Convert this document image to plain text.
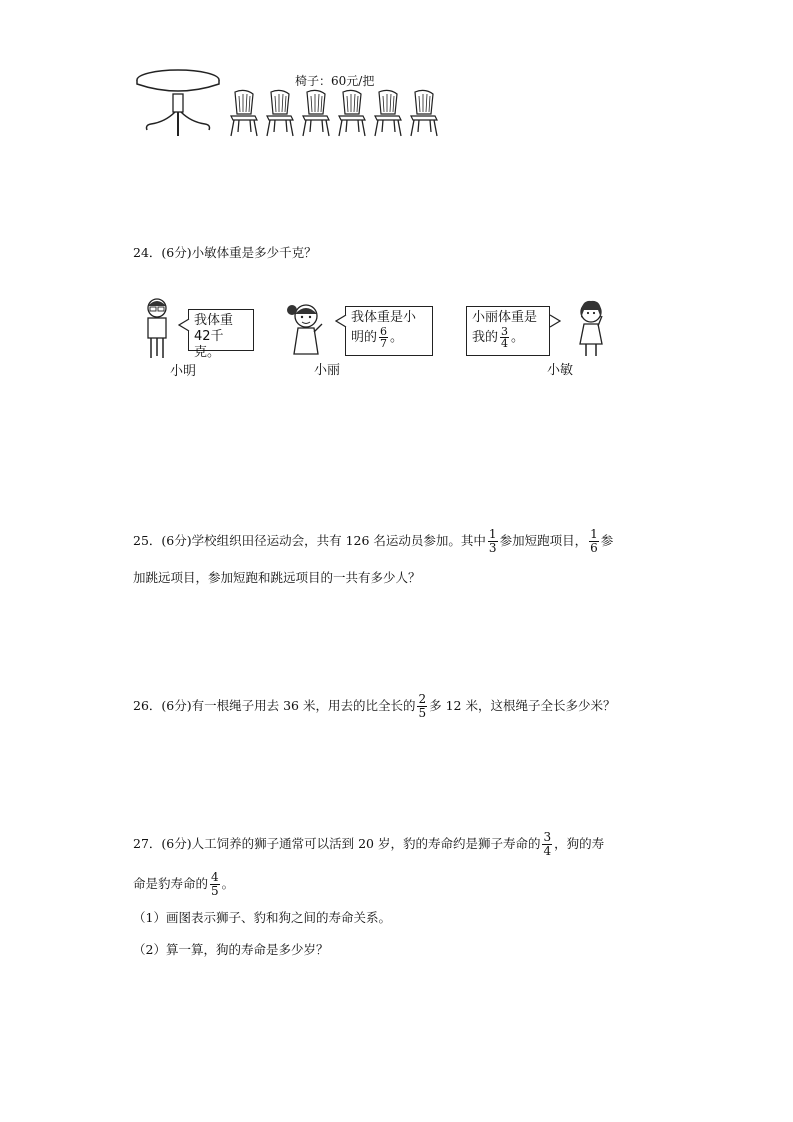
椅子：60元/把
24．(6分)小敏体重是多少千克？
我体重
42千克。
小明
我体重是小
明的 $\frac{6}{7}$ 。
小丽
小丽体重是
我的 $\frac{3}{4}$ 。
小敏
25．(6分)学校组织田径运动会，共有 126 名运动员参加。其中 $\frac{1}{3}$ 参加短跑项目， $\frac{1}{6}$ 参
加跳远项目，参加短跑和跳远项目的一共有多少人？
26．(6分)有一根绳子用去 36 米，用去的比全长的 $\frac{2}{5}$ 多 12 米，这根绳子全长多少米？
27．(6分)人工饲养的狮子通常可以活到 20 岁，豹的寿命约是狮子寿命的 $\frac{3}{4}$ ，狗的寿
命是豹寿命的 $\frac{4}{5}$ 。
（1）画图表示狮子、豹和狗之间的寿命关系。
（2）算一算，狗的寿命是多少岁？
